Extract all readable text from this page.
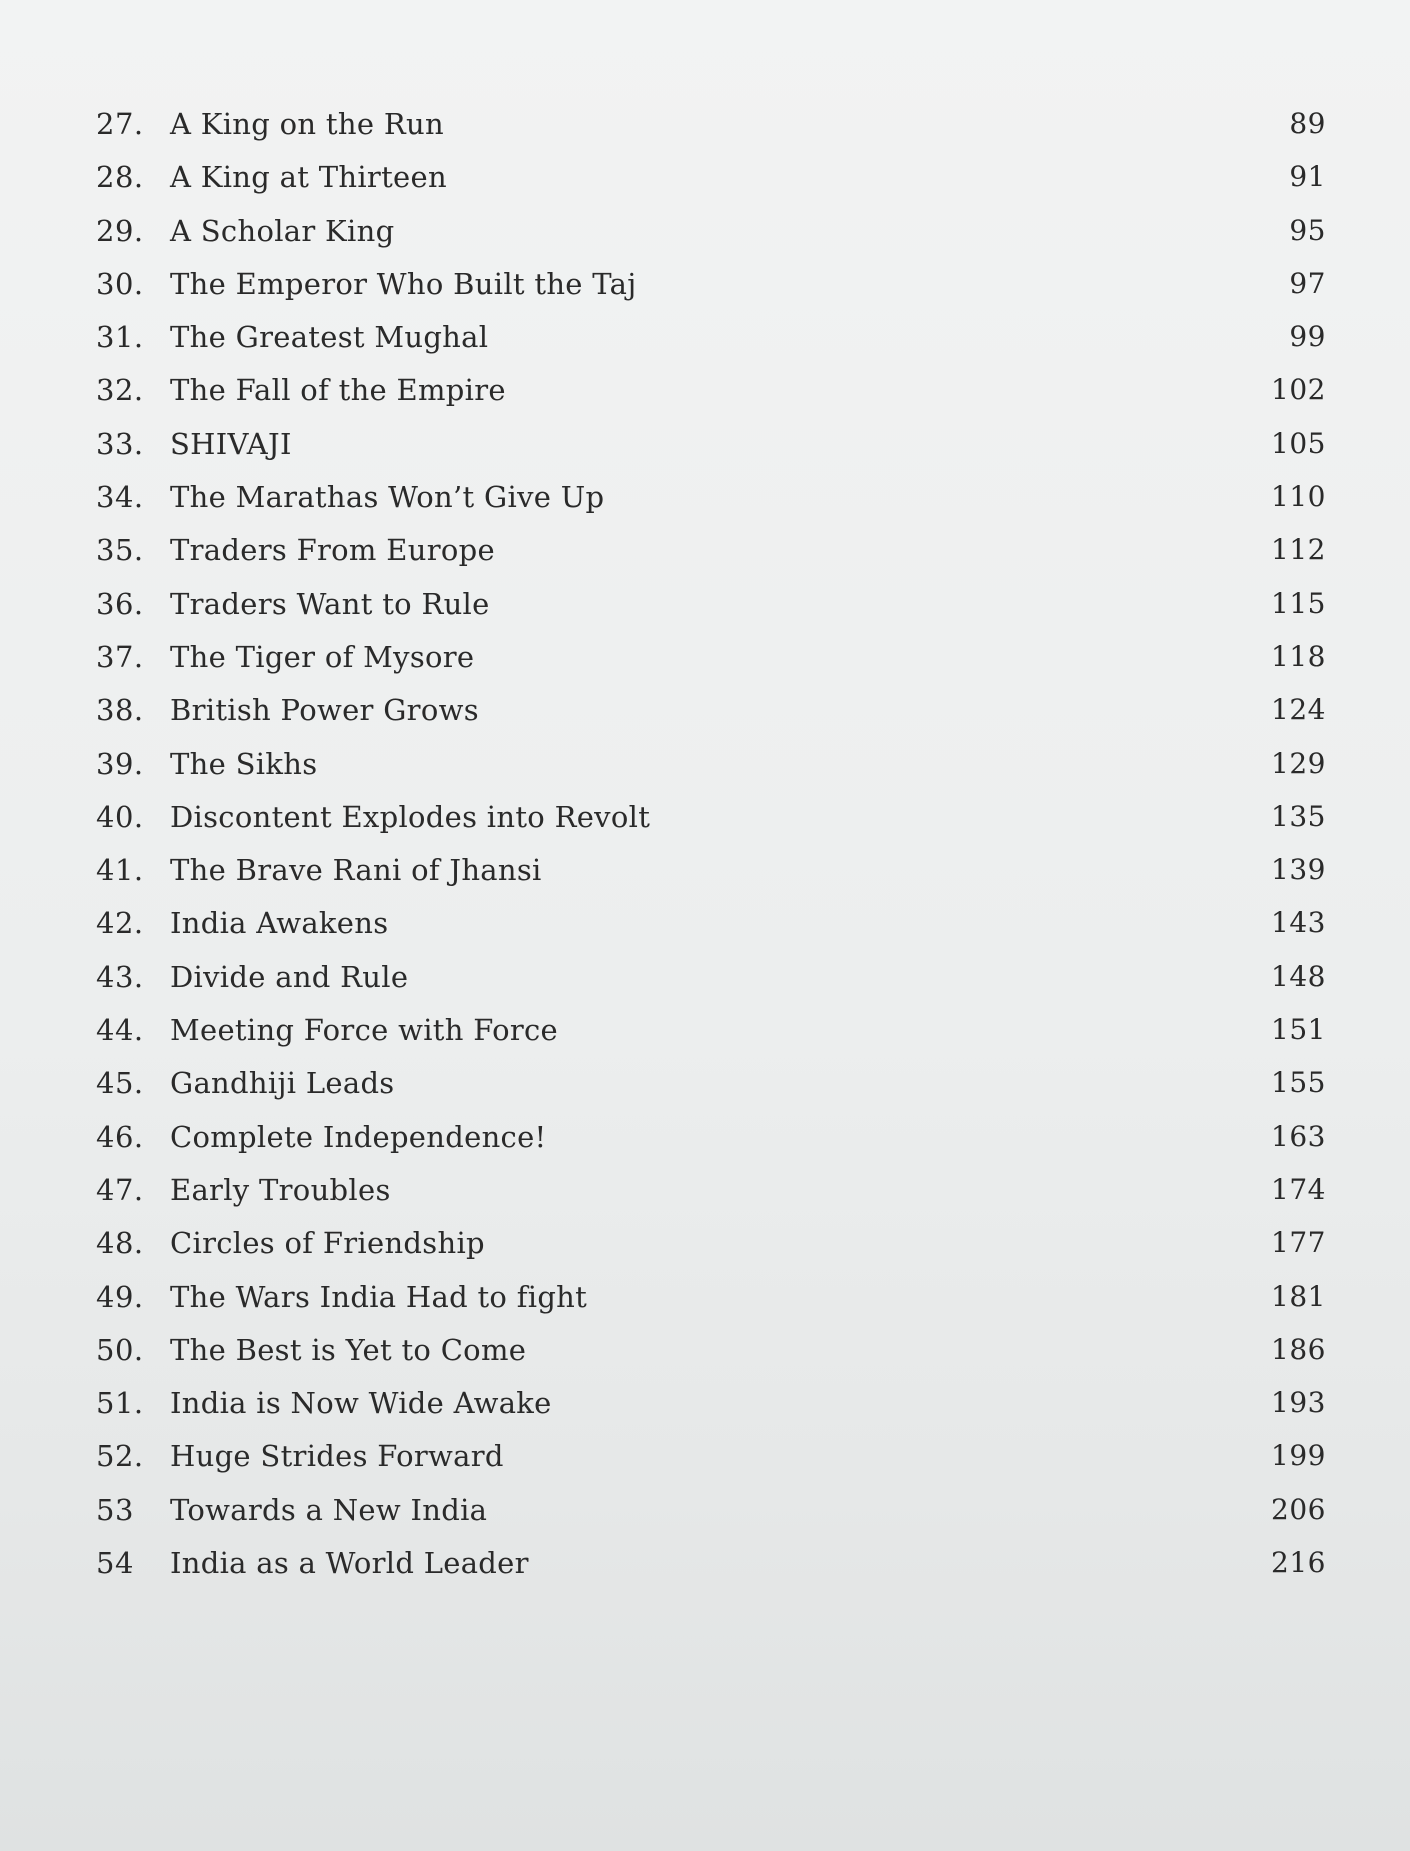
27. A King on the Run	89
28. A King at Thirteen	91
29. A Scholar King	95
30. The Emperor Who Built the Taj	97
31. The Greatest Mughal	99
32. The Fall of the Empire	102
33. SHIVAJI	105
34. The Marathas Won’t Give Up	110
35. Traders From Europe	112
36. Traders Want to Rule	115
37. The Tiger of Mysore	118
38. British Power Grows	124
39. The Sikhs	129
40. Discontent Explodes into Revolt	135
41. The Brave Rani of Jhansi	139
42. India Awakens	143
43. Divide and Rule	148
44. Meeting Force with Force	151
45. Gandhiji Leads	155
46. Complete Independence!	163
47. Early Troubles	174
48. Circles of Friendship	177
49. The Wars India Had to fight	181
50. The Best is Yet to Come	186
51. India is Now Wide Awake	193
52. Huge Strides Forward	199
53	Towards a New India	206
54	India as a World Leader	216
